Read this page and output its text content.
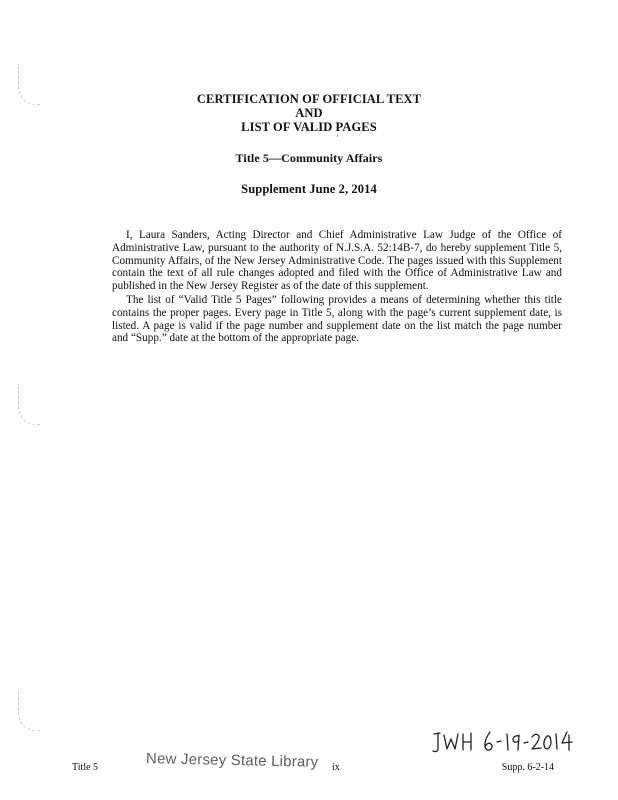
CERTIFICATION OF OFFICIAL TEXT
AND
LIST OF VALID PAGES
Title 5—Community Affairs
Supplement June 2, 2014
I, Laura Sanders, Acting Director and Chief Administrative Law Judge of the Office of Administrative Law, pursuant to the authority of N.J.S.A. 52:14B-7, do hereby supplement Title 5, Community Affairs, of the New Jersey Administrative Code. The pages issued with this Supplement contain the text of all rule changes adopted and filed with the Office of Administrative Law and published in the New Jersey Register as of the date of this supplement.
The list of “Valid Title 5 Pages” following provides a means of determining whether this title contains the proper pages. Every page in Title 5, along with the page’s current supplement date, is listed. A page is valid if the page number and supplement date on the list match the page number and “Supp.” date at the bottom of the appropriate page.
Title 5	New Jersey State Library ix	Supp. 6-2-14
